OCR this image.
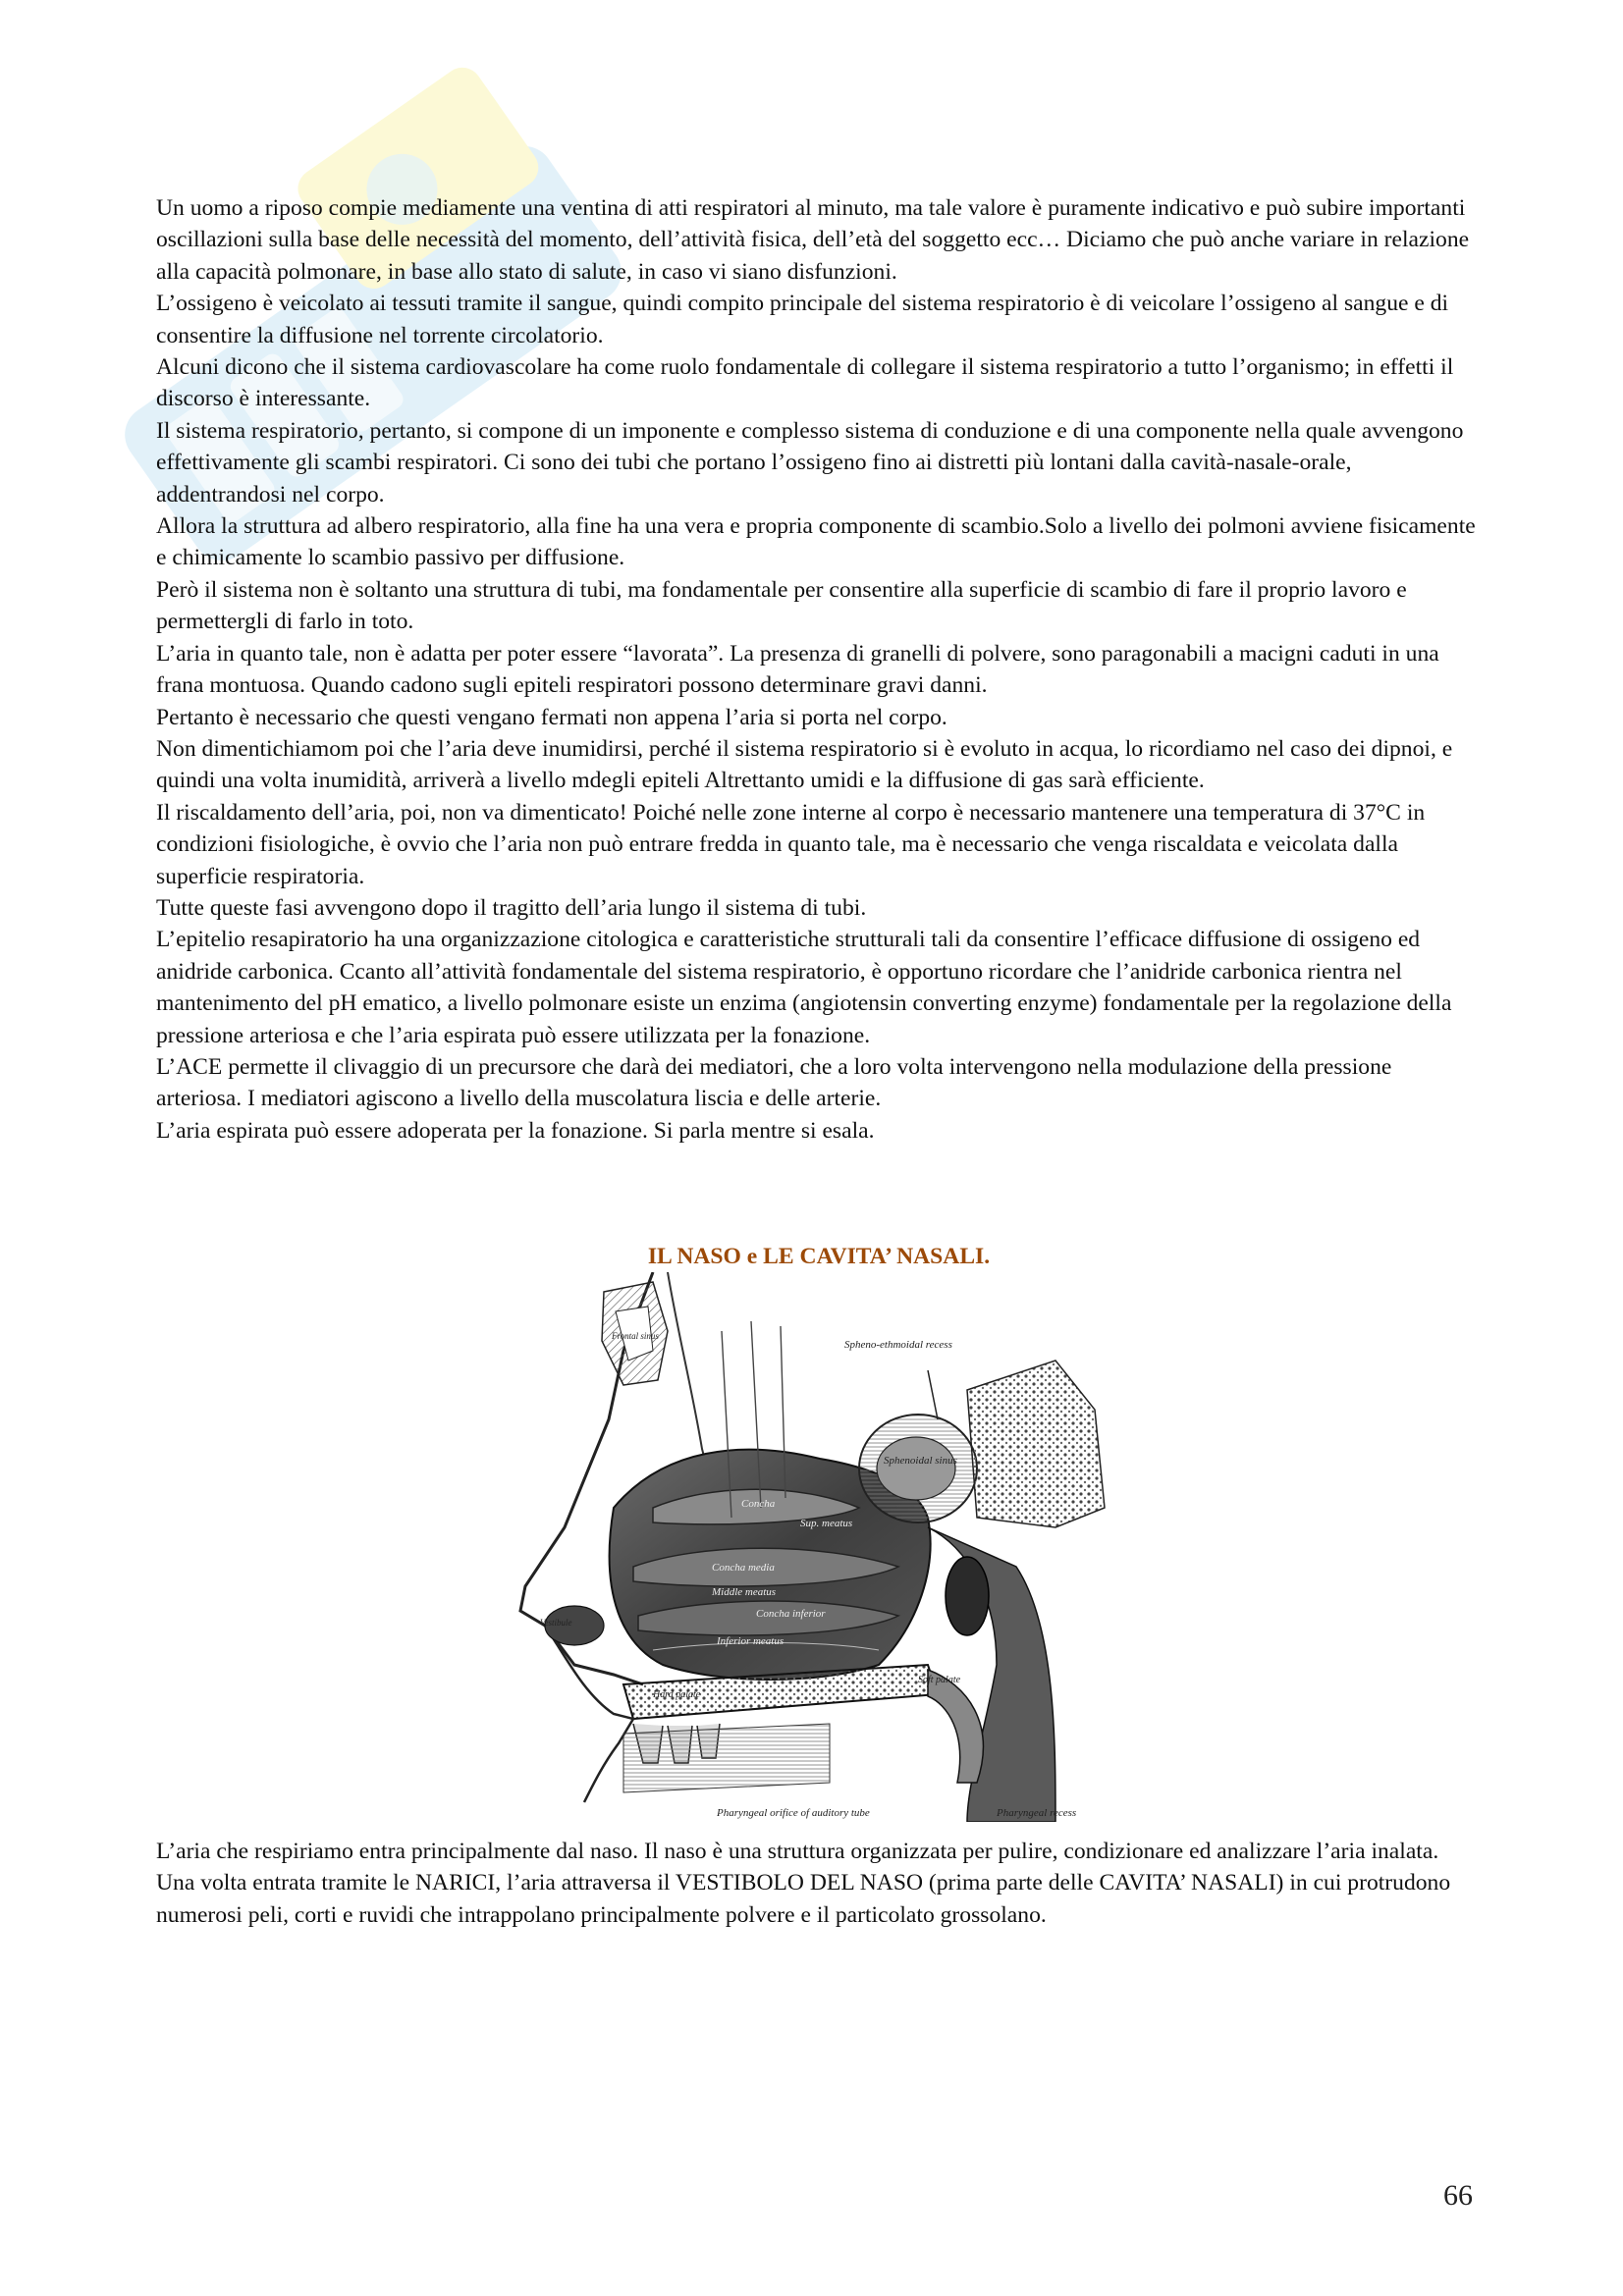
Un uomo a riposo compie mediamente una ventina di atti respiratori al minuto, ma tale valore è puramente indicativo e può subire importanti oscillazioni sulla base delle necessità del momento, dell’attività fisica, dell’età del soggetto ecc… Diciamo che può anche variare in relazione alla capacità polmonare, in base allo stato di salute, in caso vi siano disfunzioni.

L’ossigeno è veicolato ai tessuti tramite il sangue, quindi compito principale del sistema respiratorio è di veicolare l’ossigeno al sangue e di consentire la diffusione nel torrente circolatorio.

Alcuni dicono che il sistema cardiovascolare ha come ruolo fondamentale di collegare il sistema respiratorio a tutto l’organismo; in effetti il discorso è interessante.

Il sistema respiratorio, pertanto, si compone di un imponente e complesso sistema di conduzione e di una componente nella quale avvengono effettivamente gli scambi respiratori. Ci sono dei tubi che portano l’ossigeno fino ai distretti più lontani dalla cavità-nasale-orale, addentrandosi nel corpo.

Allora la struttura ad albero respiratorio, alla fine ha una vera e propria componente di scambio.Solo a livello dei polmoni avviene fisicamente e chimicamente lo scambio passivo per diffusione.

Però il sistema non è soltanto una struttura di tubi, ma fondamentale per consentire alla superficie di scambio di fare il proprio lavoro e permettergli di farlo in toto.

L’aria in quanto tale, non è adatta per poter essere “lavorata”. La presenza di granelli di polvere, sono paragonabili a macigni caduti in una frana montuosa. Quando cadono sugli epiteli respiratori possono determinare gravi danni.

Pertanto è necessario che questi vengano fermati non appena l’aria si porta nel corpo.

Non dimentichiamom poi che l’aria deve inumidirsi, perché il sistema respiratorio si è evoluto in acqua, lo ricordiamo nel caso dei dipnoi, e quindi una volta inumidità, arriverà a livello mdegli epiteli Altrettanto umidi e la diffusione di gas sarà efficiente.

Il riscaldamento dell’aria, poi, non va dimenticato! Poiché nelle zone interne al corpo è necessario mantenere una temperatura di 37°C in condizioni fisiologiche, è ovvio che l’aria non può entrare fredda in quanto tale, ma è necessario che venga riscaldata e veicolata dalla superficie respiratoria.

Tutte queste fasi avvengono dopo il tragitto dell’aria lungo il sistema di tubi.

L’epitelio resapiratorio ha una organizzazione citologica e caratteristiche strutturali tali da consentire l’efficace diffusione di ossigeno ed anidride carbonica. Ccanto all’attività fondamentale del sistema respiratorio, è opportuno ricordare che l’anidride carbonica rientra nel mantenimento del pH ematico, a livello polmonare esiste un enzima (angiotensin converting enzyme) fondamentale per la regolazione della pressione arteriosa e che l’aria espirata può essere utilizzata per la fonazione.

L’ACE permette il clivaggio di un precursore che darà dei mediatori, che a loro volta intervengono nella modulazione della pressione arteriosa. I mediatori agiscono a livello della muscolatura liscia e delle arterie.

L’aria espirata può essere adoperata per la fonazione. Si parla mentre si esala.

IL NASO e LE CAVITA’ NASALI.
Frontal sinus
Spheno-ethmoidal recess
Sphenoidal sinus
Concha
Sup. meatus
Concha media
Middle meatus
Concha inferior
Inferior meatus
Vestibule
Hard palate
Soft palate
Pharyngeal orifice of auditory tube	Pharyngeal recess

L’aria che respiriamo entra principalmente dal naso. Il naso è una struttura organizzata per pulire, condizionare ed analizzare l’aria inalata. Una volta entrata tramite le NARICI, l’aria attraversa il VESTIBOLO DEL NASO (prima parte delle CAVITA’ NASALI) in cui protrudono numerosi peli, corti e ruvidi che intrappolano principalmente polvere e il particolato grossolano.

66
